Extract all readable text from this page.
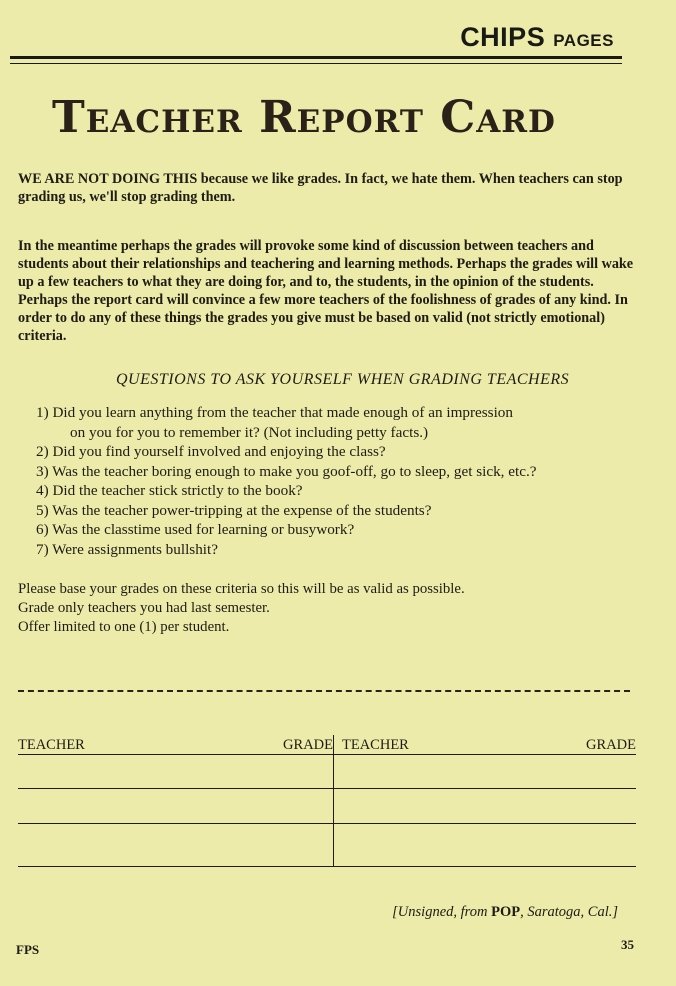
CHIPS PAGES
Teacher Report Card
WE ARE NOT DOING THIS because we like grades. In fact, we hate them. When teachers can stop grading us, we'll stop grading them.
In the meantime perhaps the grades will provoke some kind of discussion between teachers and students about their relationships and teachering and learning methods. Perhaps the grades will wake up a few teachers to what they are doing for, and to, the students, in the opinion of the students. Perhaps the report card will convince a few more teachers of the foolishness of grades of any kind. In order to do any of these things the grades you give must be based on valid (not strictly emotional) criteria.
QUESTIONS TO ASK YOURSELF WHEN GRADING TEACHERS
1) Did you learn anything from the teacher that made enough of an impression
on you for you to remember it? (Not including petty facts.)
2) Did you find yourself involved and enjoying the class?
3) Was the teacher boring enough to make you goof-off, go to sleep, get sick, etc.?
4) Did the teacher stick strictly to the book?
5) Was the teacher power-tripping at the expense of the students?
6) Was the classtime used for learning or busywork?
7) Were assignments bullshit?
Please base your grades on these criteria so this will be as valid as possible.
Grade only teachers you had last semester.
Offer limited to one (1) per student.
TEACHER	GRADE TEACHER	GRADE
[Unsigned, from POP, Saratoga, Cal.]
FPS	35
